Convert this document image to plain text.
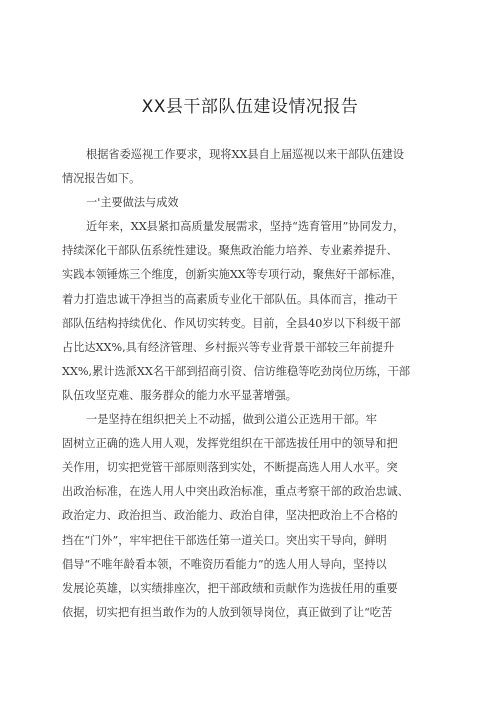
XX县干部队伍建设情况报告
根据省委巡视工作要求，现将XX县自上届巡视以来干部队伍建设
情况报告如下。
一'主要做法与成效
近年来，XX县紧扣高质量发展需求，坚持“选育管用”协同发力，
持续深化干部队伍系统性建设。聚焦政治能力培养、专业素养提升、
实践本领锤炼三个维度，创新实施XX等专项行动，聚焦好干部标准，
着力打造忠诚干净担当的高素质专业化干部队伍。具体而言，推动干
部队伍结构持续优化、作风切实转变。目前，全县40岁以下科级干部
占比达XX%,具有经济管理、乡村振兴等专业背景干部较三年前提升
XX%,累计选派XX名干部到招商引资、信访维稳等吃劲岗位历练，干部
队伍攻坚克难、服务群众的能力水平显著增强。
一是坚持在组织把关上不动摇，做到公道公正选用干部。牢
固树立正确的选人用人观，发挥党组织在干部选拔任用中的领导和把
关作用，切实把党管干部原则落到实处，不断提高选人用人水平。突
出政治标准，在选人用人中突出政治标准，重点考察干部的政治忠诚、
政治定力、政治担当、政治能力、政治自律，坚决把政治上不合格的
挡在“门外”，牢牢把住干部选任第一道关口。突出实干导向，鲜明
倡导“不唯年龄看本领，不唯资历看能力”的选人用人导向，坚持以
发展论英雄，以实绩排座次，把干部政绩和贡献作为选拔任用的重要
依据，切实把有担当敢作为的人放到领导岗位，真正做到了让“吃苦
